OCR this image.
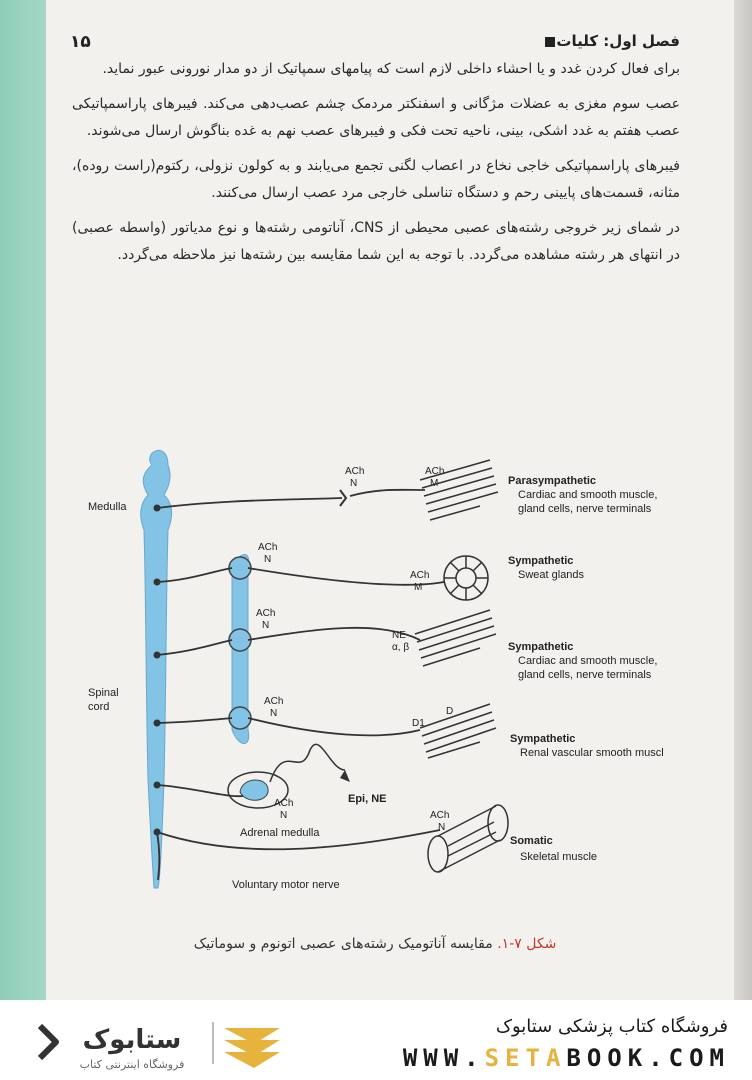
فصل اول: کلیات
۱۵

برای فعال کردن غدد و یا احشاء داخلی لازم است که پیامهای سمپاتیک از دو مدار نورونی عبور نماید.

عصب سوم مغزی به عضلات مژگانی و اسفنکتر مردمک چشم عصب‌دهی می‌کند. فیبرهای پاراسمپاتیکی عصب هفتم به غدد اشکی، بینی، ناحیه تحت فکی و فیبرهای عصب نهم به غده بناگوش ارسال می‌شوند.

فیبرهای پاراسمپاتیکی خاجی نخاع در اعصاب لگنی تجمع می‌یابند و به کولون نزولی، رکتوم(راست روده)، مثانه، قسمت‌های پایینی رحم و دستگاه تناسلی خارجی مرد عصب ارسال می‌کنند.

در شمای زیر خروجی رشته‌های عصبی محیطی از CNS، آناتومی رشته‌ها و نوع مدیاتور (واسطه عصبی) در انتهای هر رشته مشاهده می‌گردد. با توجه به این شما مقایسه بین رشته‌ها نیز ملاحظه می‌گردد.

Medulla
Spinal
cord
Adrenal medulla
Voluntary motor nerve
ACh
N
ACh
M	Parasympathetic
Cardiac and smooth muscle,
gland cells, nerve terminals
ACh
N
ACh
M
Sympathetic
Sweat glands
ACh
N
NE
α, β	Sympathetic
Cardiac and smooth muscle,
gland cells, nerve terminals
ACh
N	D
D1
Sympathetic
Renal vascular smooth muscl
ACh
N
Epi, NE
ACh
N
Somatic
Skeletal muscle
شکل ۷-۱. مقایسه آناتومیک رشته‌های عصبی اتونوم و سوماتیک
ستابوک
فروشگاه اینترنتی کتاب
فروشگاه کتاب پزشکی ستابوک
WWW.SETABOOK.COM
